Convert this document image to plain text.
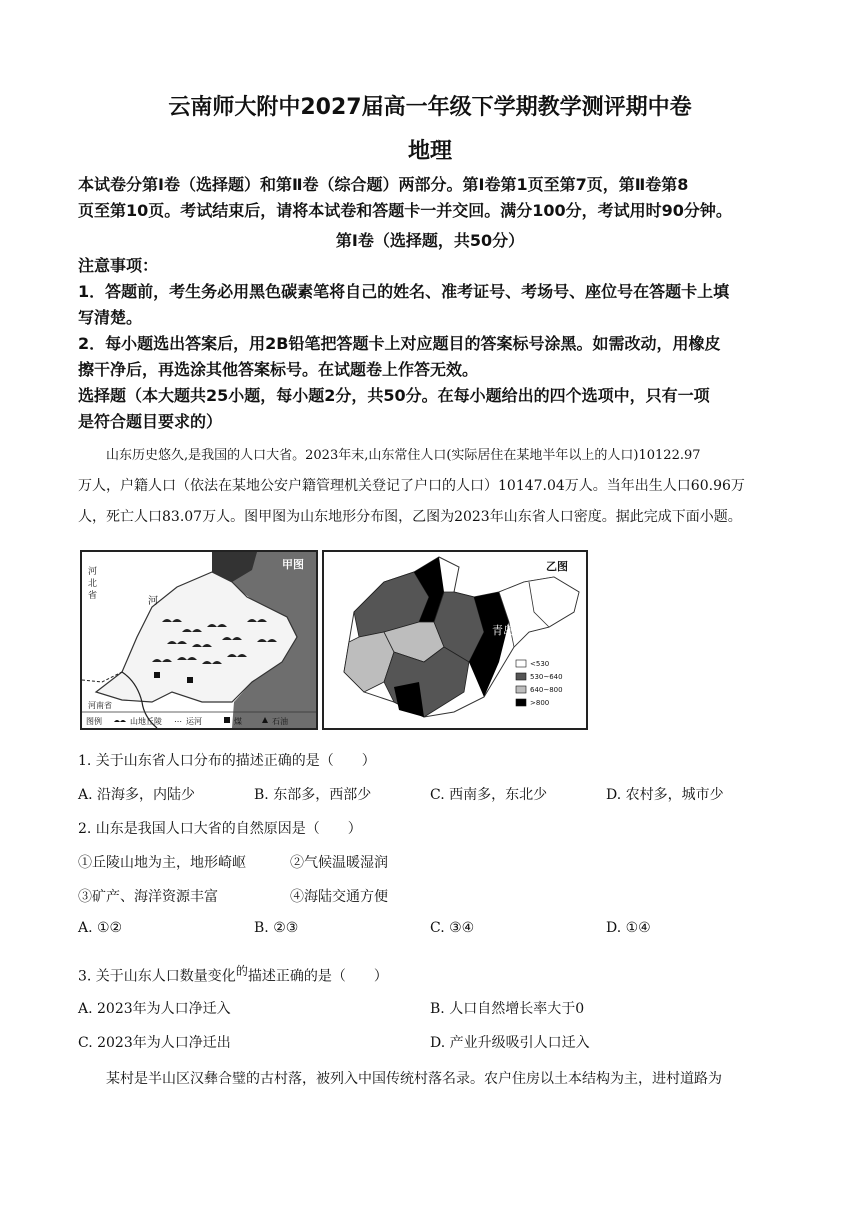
云南师大附中2027届高一年级下学期教学测评期中卷
地理
本试卷分第Ⅰ卷（选择题）和第Ⅱ卷（综合题）两部分。第Ⅰ卷第1页至第7页，第Ⅱ卷第8
页至第10页。考试结束后，请将本试卷和答题卡一并交回。满分100分，考试用时90分钟。
第Ⅰ卷（选择题，共50分）
注意事项：
1．答题前，考生务必用黑色碳素笔将自己的姓名、准考证号、考场号、座位号在答题卡上填
写清楚。
2．每小题选出答案后，用2B铅笔把答题卡上对应题目的答案标号涂黑。如需改动，用橡皮
擦干净后，再选涂其他答案标号。在试题卷上作答无效。
选择题（本大题共25小题，每小题2分，共50分。在每小题给出的四个选项中，只有一项
是符合题目要求的）
山东历史悠久,是我国的人口大省。2023年末,山东常住人口(实际居住在某地半年以上的人口)10122.97
万人，户籍人口（依法在某地公安户籍管理机关登记了户口的人口）10147.04万人。当年出生人口60.96万
人，死亡人口83.07万人。图甲图为山东地形分布图，乙图为2023年山东省人口密度。据此完成下面小题。
河
北
省	河
甲图
河南省
图例	山地丘陵 ⋯ 运河	煤	石油
青岛
乙图
<530
530~640
640~800
>800
1. 关于山东省人口分布的描述正确的是（　　）
A. 沿海多，内陆少	B. 东部多，西部少	C. 西南多，东北少	D. 农村多，城市少
2. 山东是我国人口大省的自然原因是（　　）
①丘陵山地为主，地形崎岖	②气候温暖湿润
③矿产、海洋资源丰富	④海陆交通方便
A. ①②	B. ②③	C. ③④	D. ①④
3. 关于山东人口数量变化$^的$描述正确的是（　　）
A. 2023年为人口净迁入	B. 人口自然增长率大于0
C. 2023年为人口净迁出	D. 产业升级吸引人口迁入
某村是半山区汉彝合璧的古村落，被列入中国传统村落名录。农户住房以土本结构为主，进村道路为
